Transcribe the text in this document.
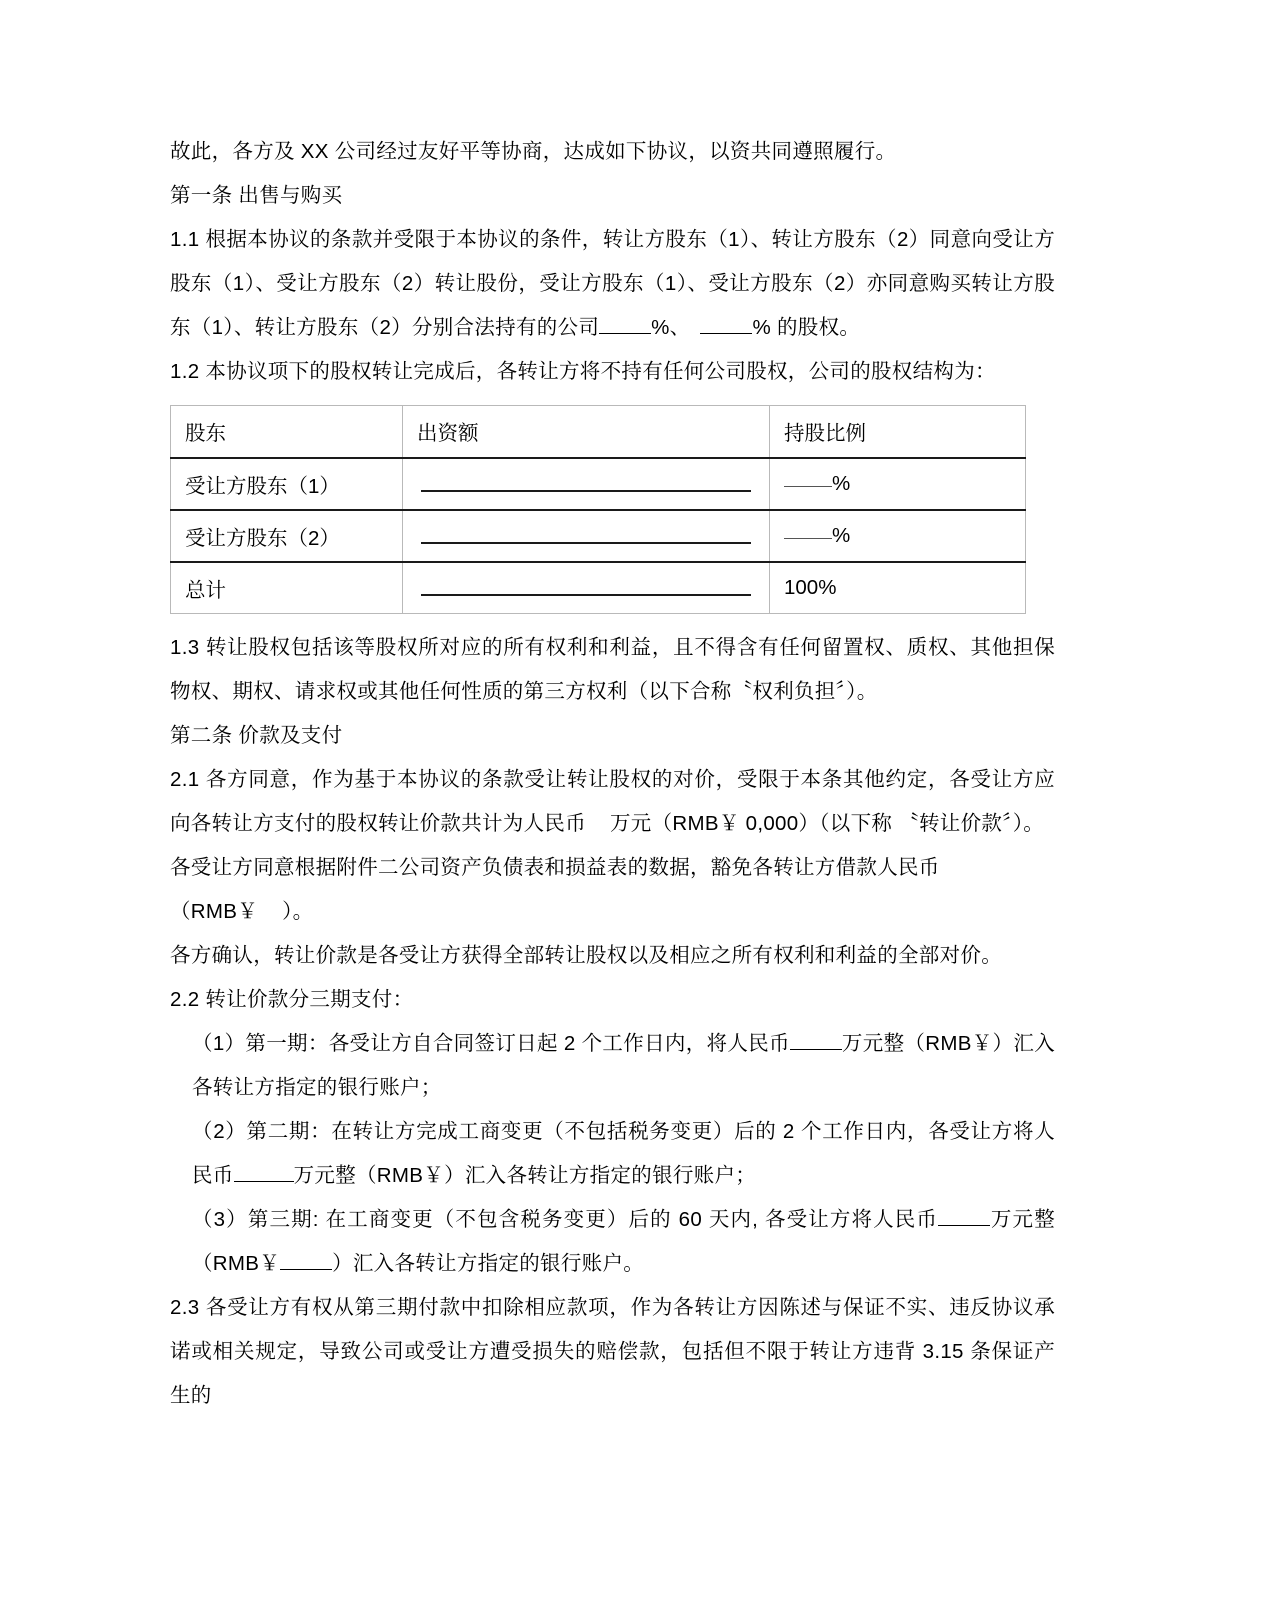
故此，各方及 XX 公司经过友好平等协商，达成如下协议，以资共同遵照履行。

第一条 出售与购买

1.1 根据本协议的条款并受限于本协议的条件，转让方股东（1）、转让方股东（2）同意向受让方股东（1）、受让方股东（2）转让股份，受让方股东（1）、受让方股东（2）亦同意购买转让方股东（1）、转让方股东（2）分别合法持有的公司	%、	% 的股权。

1.2 本协议项下的股权转让完成后，各转让方将不持有任何公司股权，公司的股权结构为：

股东	出资额	持股比例
受让方股东（1）		%
受让方股东（2）		%
总计		100%

1.3 转让股权包括该等股权所对应的所有权利和利益，且不得含有任何留置权、质权、其他担保物权、期权、请求权或其他任何性质的第三方权利（以下合称〝权利负担〞）。

第二条 价款及支付

2.1 各方同意，作为基于本协议的条款受让转让股权的对价，受限于本条其他约定，各受让方应向各转让方支付的股权转让价款共计为人民币 万元（RMB￥ 0,000）（以下称 〝转让价款〞）。

各受让方同意根据附件二公司资产负债表和损益表的数据，豁免各转让方借款人民币（RMB￥ ）。

各方确认，转让价款是各受让方获得全部转让股权以及相应之所有权利和利益的全部对价。

2.2 转让价款分三期支付：

（1）第一期：各受让方自合同签订日起 2 个工作日内，将人民币	万元整（RMB￥）汇入各转让方指定的银行账户；

（2）第二期：在转让方完成工商变更（不包括税务变更）后的 2 个工作日内，各受让方将人民币	万元整（RMB￥）汇入各转让方指定的银行账户；

（3）第三期: 在工商变更（不包含税务变更）后的 60 天内, 各受让方将人民币	万元整（RMB￥	）汇入各转让方指定的银行账户。

2.3 各受让方有权从第三期付款中扣除相应款项，作为各转让方因陈述与保证不实、违反协议承诺或相关规定，导致公司或受让方遭受损失的赔偿款，包括但不限于转让方违背 3.15 条保证产生的
